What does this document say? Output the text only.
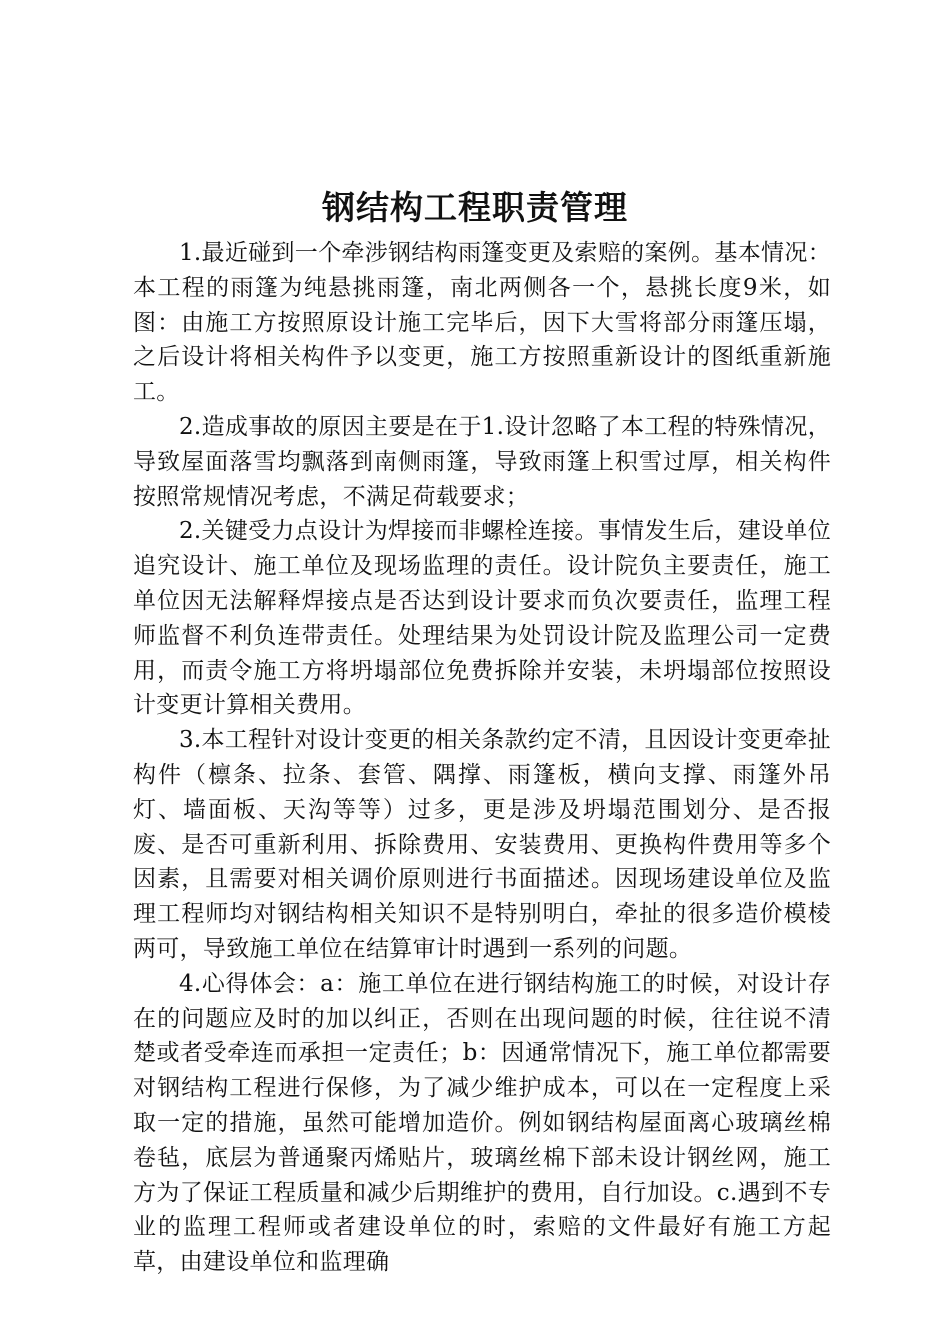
钢结构工程职责管理

1.最近碰到一个牵涉钢结构雨篷变更及索赔的案例。基本情况：本工程的雨篷为纯悬挑雨篷，南北两侧各一个，悬挑长度9米，如图：由施工方按照原设计施工完毕后，因下大雪将部分雨篷压塌，之后设计将相关构件予以变更，施工方按照重新设计的图纸重新施工。

2.造成事故的原因主要是在于1.设计忽略了本工程的特殊情况，导致屋面落雪均飘落到南侧雨篷，导致雨篷上积雪过厚，相关构件按照常规情况考虑，不满足荷载要求；

2.关键受力点设计为焊接而非螺栓连接。事情发生后，建设单位追究设计、施工单位及现场监理的责任。设计院负主要责任，施工单位因无法解释焊接点是否达到设计要求而负次要责任，监理工程师监督不利负连带责任。处理结果为处罚设计院及监理公司一定费用，而责令施工方将坍塌部位免费拆除并安装，未坍塌部位按照设计变更计算相关费用。

3.本工程针对设计变更的相关条款约定不清，且因设计变更牵扯构件（檩条、拉条、套管、隅撑、雨篷板，横向支撑、雨篷外吊灯、墙面板、天沟等等）过多，更是涉及坍塌范围划分、是否报废、是否可重新利用、拆除费用、安装费用、更换构件费用等多个因素，且需要对相关调价原则进行书面描述。因现场建设单位及监理工程师均对钢结构相关知识不是特别明白，牵扯的很多造价模棱两可，导致施工单位在结算审计时遇到一系列的问题。

4.心得体会：a：施工单位在进行钢结构施工的时候，对设计存在的问题应及时的加以纠正，否则在出现问题的时候，往往说不清楚或者受牵连而承担一定责任；b：因通常情况下，施工单位都需要对钢结构工程进行保修，为了减少维护成本，可以在一定程度上采取一定的措施，虽然可能增加造价。例如钢结构屋面离心玻璃丝棉卷毡，底层为普通聚丙烯贴片，玻璃丝棉下部未设计钢丝网，施工方为了保证工程质量和减少后期维护的费用，自行加设。c.遇到不专业的监理工程师或者建设单位的时，索赔的文件最好有施工方起草，由建设单位和监理确
